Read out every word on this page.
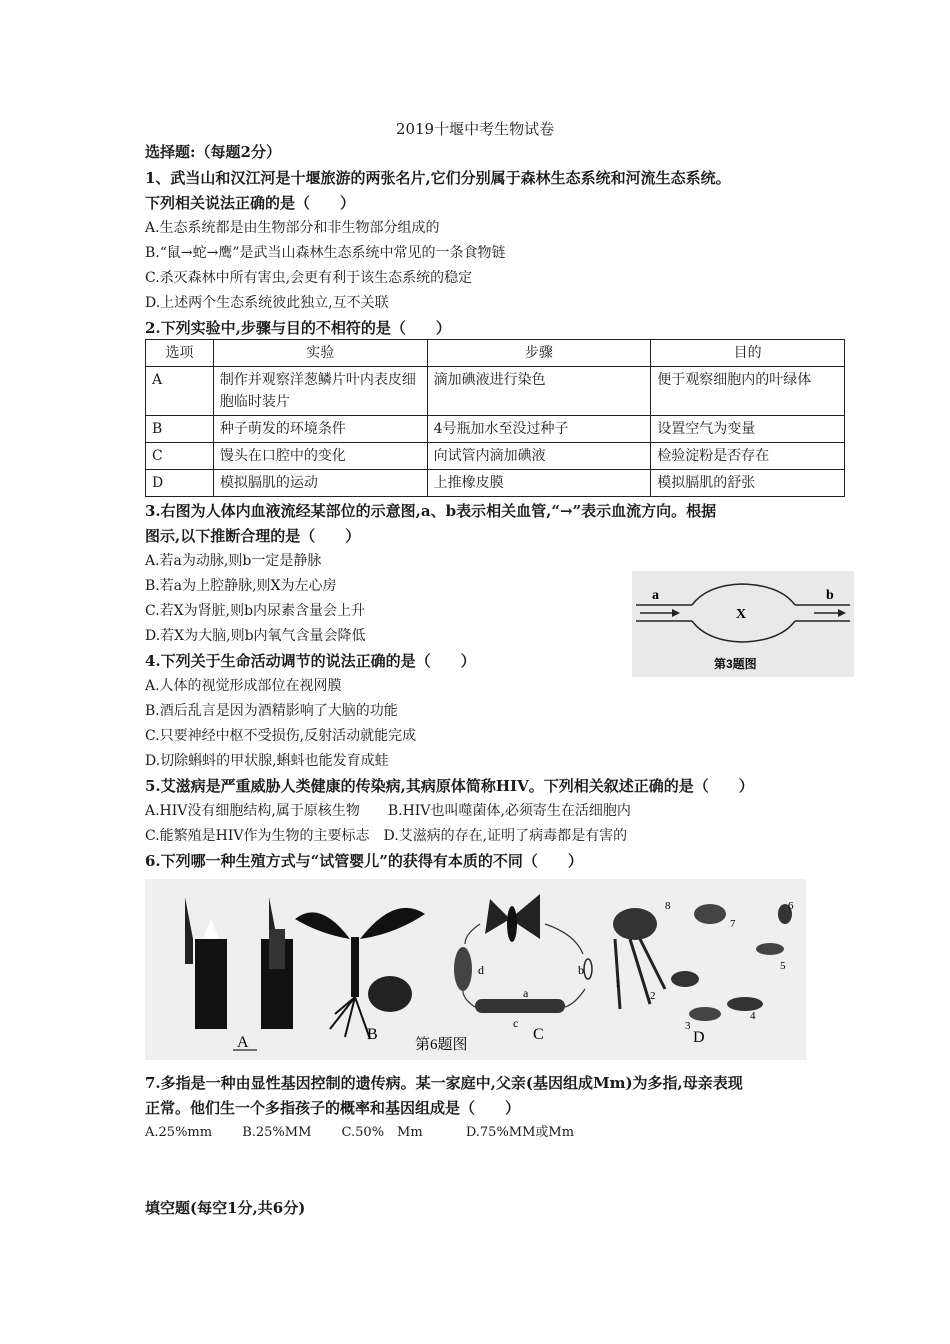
2019十堰中考生物试卷
选择题:（每题2分）
1、武当山和汉江河是十堰旅游的两张名片,它们分别属于森林生态系统和河流生态系统。
下列相关说法正确的是（　　）
A.生态系统都是由生物部分和非生物部分组成的
B.“鼠→蛇→鹰”是武当山森林生态系统中常见的一条食物链
C.杀灭森林中所有害虫,会更有利于该生态系统的稳定
D.上述两个生态系统彼此独立,互不关联
2.下列实验中,步骤与目的不相符的是（　　）
选项	实验	步骤	目的
A	制作并观察洋葱鳞片叶内表皮细胞临时装片	滴加碘液进行染色	便于观察细胞内的叶绿体
B	种子萌发的环境条件	4号瓶加水至没过种子	设置空气为变量
C	馒头在口腔中的变化	向试管内滴加碘液	检验淀粉是否存在
D	模拟膈肌的运动	上推橡皮膜	模拟膈肌的舒张
3.右图为人体内血液流经某部位的示意图,a、b表示相关血管,“→”表示血流方向。根据
图示,以下推断合理的是（　　）
A.若a为动脉,则b一定是静脉
B.若a为上腔静脉,则X为左心房
C.若X为肾脏,则b内尿素含量会上升
D.若X为大脑,则b内氧气含量会降低
a
X
b
第3题图
4.下列关于生命活动调节的说法正确的是（　　）
A.人体的视觉形成部位在视网膜
B.酒后乱言是因为酒精影响了大脑的功能
C.只要神经中枢不受损伤,反射活动就能完成
D.切除蝌蚪的甲状腺,蝌蚪也能发育成蛙
5.艾滋病是严重威胁人类健康的传染病,其病原体简称HIV。下列相关叙述正确的是（　　）
A.HIV没有细胞结构,属于原核生物　　B.HIV也叫噬菌体,必须寄生在活细胞内
C.能繁殖是HIV作为生物的主要标志　D.艾滋病的存在,证明了病毒都是有害的
6.下列哪一种生殖方式与“试管婴儿”的获得有本质的不同（　　）
a
b
c
d
1
2
3
4
5
6
7
8
A	B
第6题图
C	D
7.多指是一种由显性基因控制的遗传病。某一家庭中,父亲(基因组成Mm)为多指,母亲表现
正常。他们生一个多指孩子的概率和基因组成是（　　）
A.25%mm　　 B.25%MM　　 C.50%　Mm　　　 D.75%MM或Mm
填空题(每空1分,共6分)
